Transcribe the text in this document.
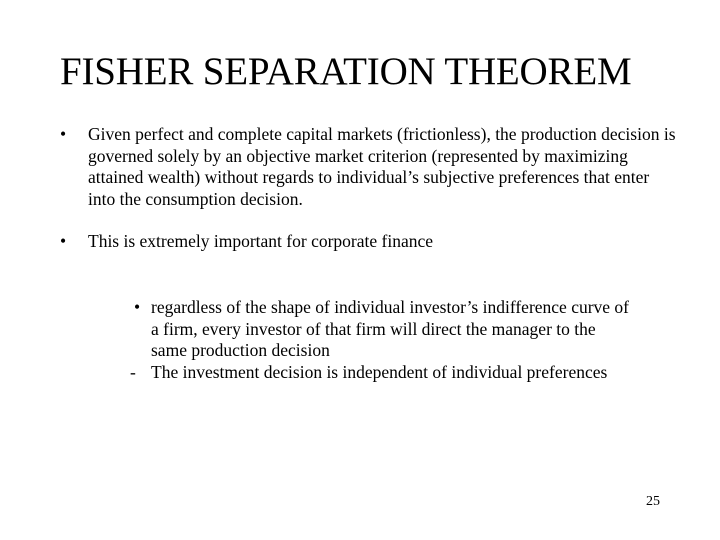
FISHER SEPARATION THEOREM
• Given perfect and complete capital markets (frictionless), the production decision is governed solely by an objective market criterion (represented by maximizing attained wealth) without regards to individual’s subjective preferences that enter into the consumption decision.
• This is extremely important for corporate finance
• regardless of the shape of individual investor’s indifference curve of a firm, every investor of that firm will direct the manager to the same production decision
- The investment decision is independent of individual preferences
25
